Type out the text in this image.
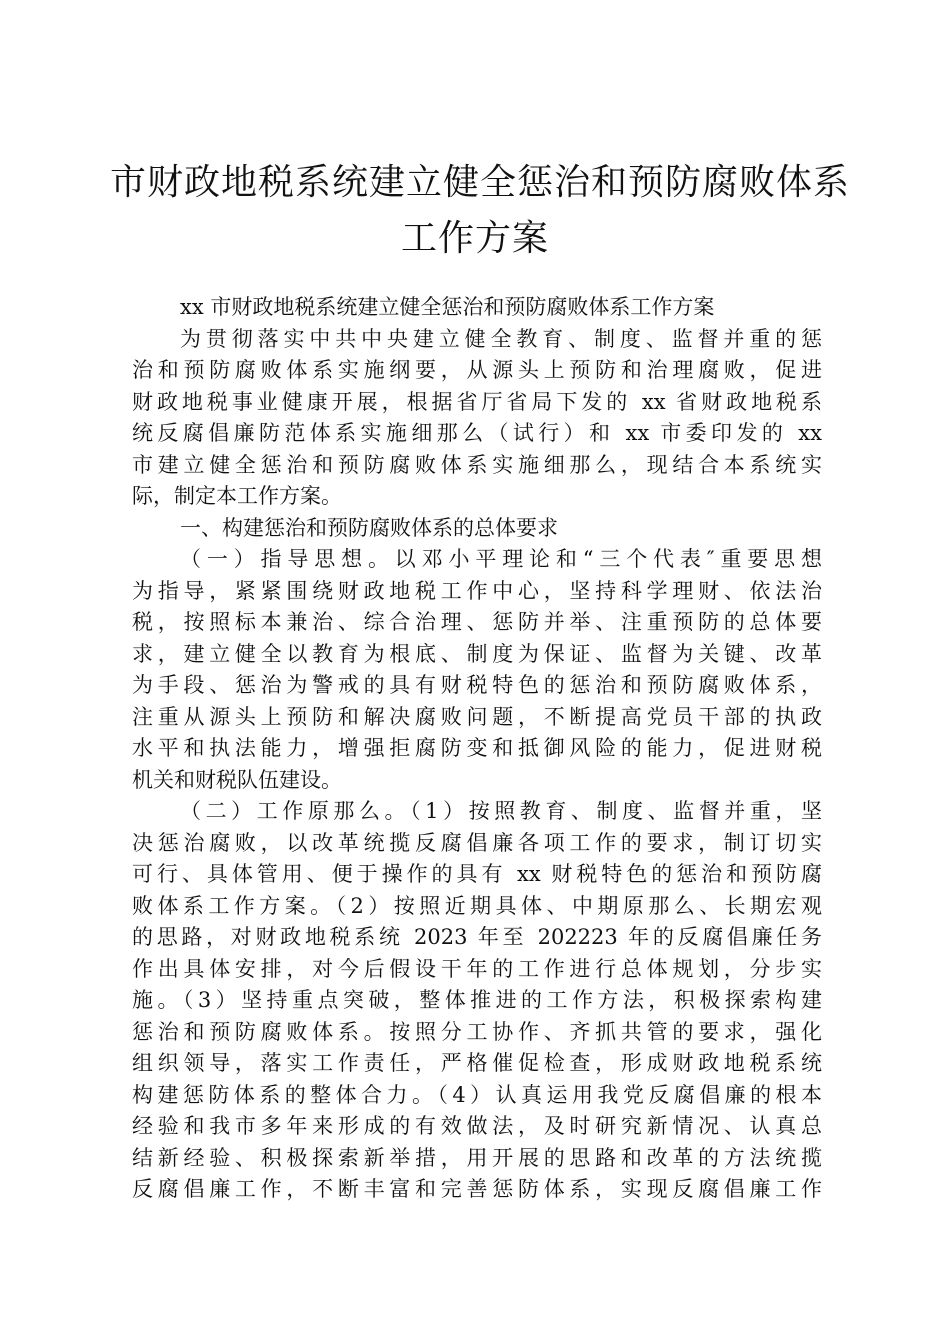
市财政地税系统建立健全惩治和预防腐败体系
工作方案
xx 市财政地税系统建立健全惩治和预防腐败体系工作方案
为贯彻落实中共中央建立健全教育、制度、监督并重的惩
治和预防腐败体系实施纲要，从源头上预防和治理腐败，促进
财政地税事业健康开展，根据省厅省局下发的 xx 省财政地税系
统反腐倡廉防范体系实施细那么（试行）和 xx 市委印发的 xx
市建立健全惩治和预防腐败体系实施细那么，现结合本系统实
际，制定本工作方案。
一、构建惩治和预防腐败体系的总体要求
（一）指导思想。以邓小平理论和“三个代表″重要思想
为指导，紧紧围绕财政地税工作中心，坚持科学理财、依法治
税，按照标本兼治、综合治理、惩防并举、注重预防的总体要
求，建立健全以教育为根底、制度为保证、监督为关键、改革
为手段、惩治为警戒的具有财税特色的惩治和预防腐败体系，
注重从源头上预防和解决腐败问题，不断提高党员干部的执政
水平和执法能力，增强拒腐防变和抵御风险的能力，促进财税
机关和财税队伍建设。
（二）工作原那么。（1）按照教育、制度、监督并重，坚
决惩治腐败，以改革统揽反腐倡廉各项工作的要求，制订切实
可行、具体管用、便于操作的具有 xx 财税特色的惩治和预防腐
败体系工作方案。（2）按照近期具体、中期原那么、长期宏观
的思路，对财政地税系统 2023 年至 202223 年的反腐倡廉任务
作出具体安排，对今后假设干年的工作进行总体规划，分步实
施。（3）坚持重点突破，整体推进的工作方法，积极探索构建
惩治和预防腐败体系。按照分工协作、齐抓共管的要求，强化
组织领导，落实工作责任，严格催促检查，形成财政地税系统
构建惩防体系的整体合力。（4）认真运用我党反腐倡廉的根本
经验和我市多年来形成的有效做法，及时研究新情况、认真总
结新经验、积极探索新举措，用开展的思路和改革的方法统揽
反腐倡廉工作，不断丰富和完善惩防体系，实现反腐倡廉工作
